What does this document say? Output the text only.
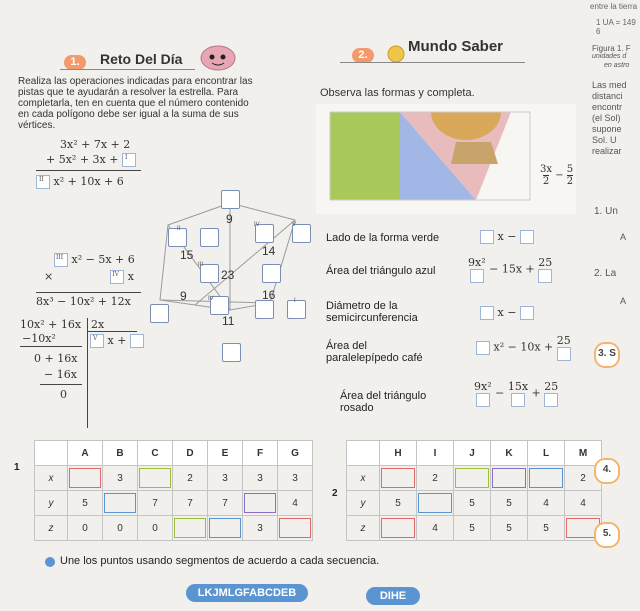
entre la tierra
1 UA = 149 6
1.	Reto Del Día	2.	Mundo Saber
Realiza las operaciones indicadas para encontrar las
pistas que te ayudarán a resolver la estrella. Para
completarla, ten en cuenta que el número contenido
en cada polígono debe ser igual a la suma de sus
vértices.
Observa las formas y completa.
3x² + 7x + 2
+ 5x² + 3x + I
II x² + 10x + 6
III x² − 5x + 6
×	IV x
8x³ − 10x² + 12x
10x² + 16x 2x
−10x²	V x +
0 + 16x
− 16x
0
9
15	14
23
9	16
11
II
IV	V
III
IV	I
$\frac{3x}{2} - \frac{5}{2}$
Lado de la forma verde	x −
Área del triángulo azul
9x² − 15x + 25

Diámetro de la
semicircunferencia	x −
Área del
paralelepípedo café
x² − 10x + 25

Área del triángulo
rosado
9x² − 15x + 25

1
	A	B	C	D	E	F	G
x		3		2	3	3	3
y	5		7	7	7		4
z	0	0	0			3	
2
	H	I	J	K	L	M
x		2				2
y	5		5	5	4	4
z		4	5	5	5	
Une los puntos usando segmentos de acuerdo a cada secuencia.
LKJMLGFABCDEB	DIHE
Figura 1. F
unidades d
en astro
Las med
distanci
encontr
(el Sol)
supone
Sol. U
realizar
1. Un
A
2. La
A
3. S
4.
5.
